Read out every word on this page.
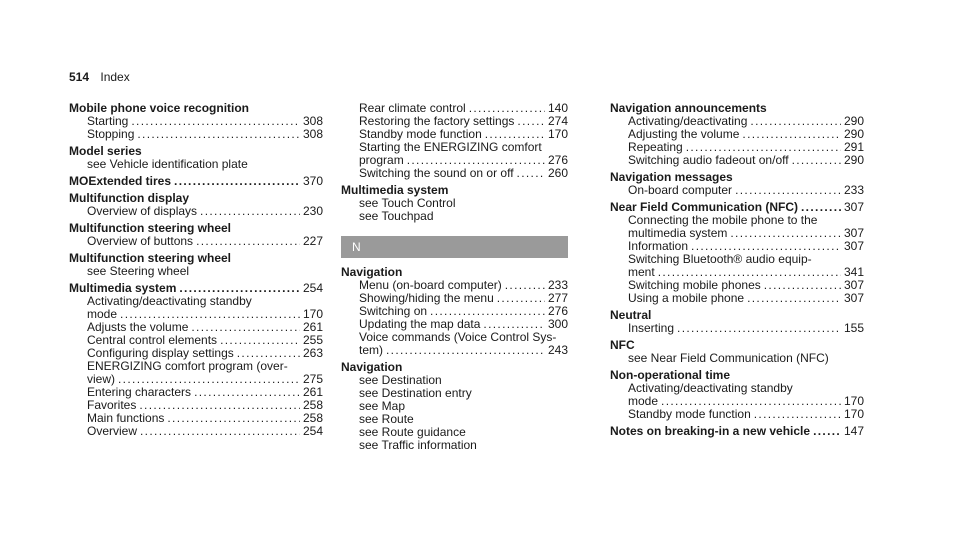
514 Index
Mobile phone voice recognition
Starting . . .	308
Stopping . . .	308
Model series
see Vehicle identification plate
MOExtended tires . . .	370
Multifunction display
Overview of displays . . .	230
Multifunction steering wheel
Overview of buttons . . .	227
Multifunction steering wheel
see Steering wheel
Multimedia system . . .	254
Activating/deactivating standby
mode . . .	170
Adjusts the volume . . .	261
Central control elements . . .	255
Configuring display settings . . .	263
ENERGIZING comfort program (over-
view) . . .	275
Entering characters . . .	261
Favorites . . .	258
Main functions . . .	258
Overview . . .	254
Rear climate control . . .	140
Restoring the factory settings . . .	274
Standby mode function . . .	170
Starting the ENERGIZING comfort
program . . .	276
Switching the sound on or off . . .	260
Multimedia system
see Touch Control
see Touchpad
N
Navigation
Menu (on-board computer) . . .	233
Showing/hiding the menu . . .	277
Switching on . . .	276
Updating the map data . . .	300
Voice commands (Voice Control Sys-
tem) . . .	243
Navigation
see Destination
see Destination entry
see Map
see Route
see Route guidance
see Traffic information
Navigation announcements
Activating/deactivating . . .	290
Adjusting the volume . . .	290
Repeating . . .	291
Switching audio fadeout on/off . . .	290
Navigation messages
On-board computer . . .	233
Near Field Communication (NFC) . . .	307
Connecting the mobile phone to the
multimedia system . . .	307
Information . . .	307
Switching Bluetooth® audio equip-
ment . . .	341
Switching mobile phones . . .	307
Using a mobile phone . . .	307
Neutral
Inserting . . .	155
NFC
see Near Field Communication (NFC)
Non-operational time
Activating/deactivating standby
mode . . .	170
Standby mode function . . .	170
Notes on breaking-in a new vehicle . . .	147
